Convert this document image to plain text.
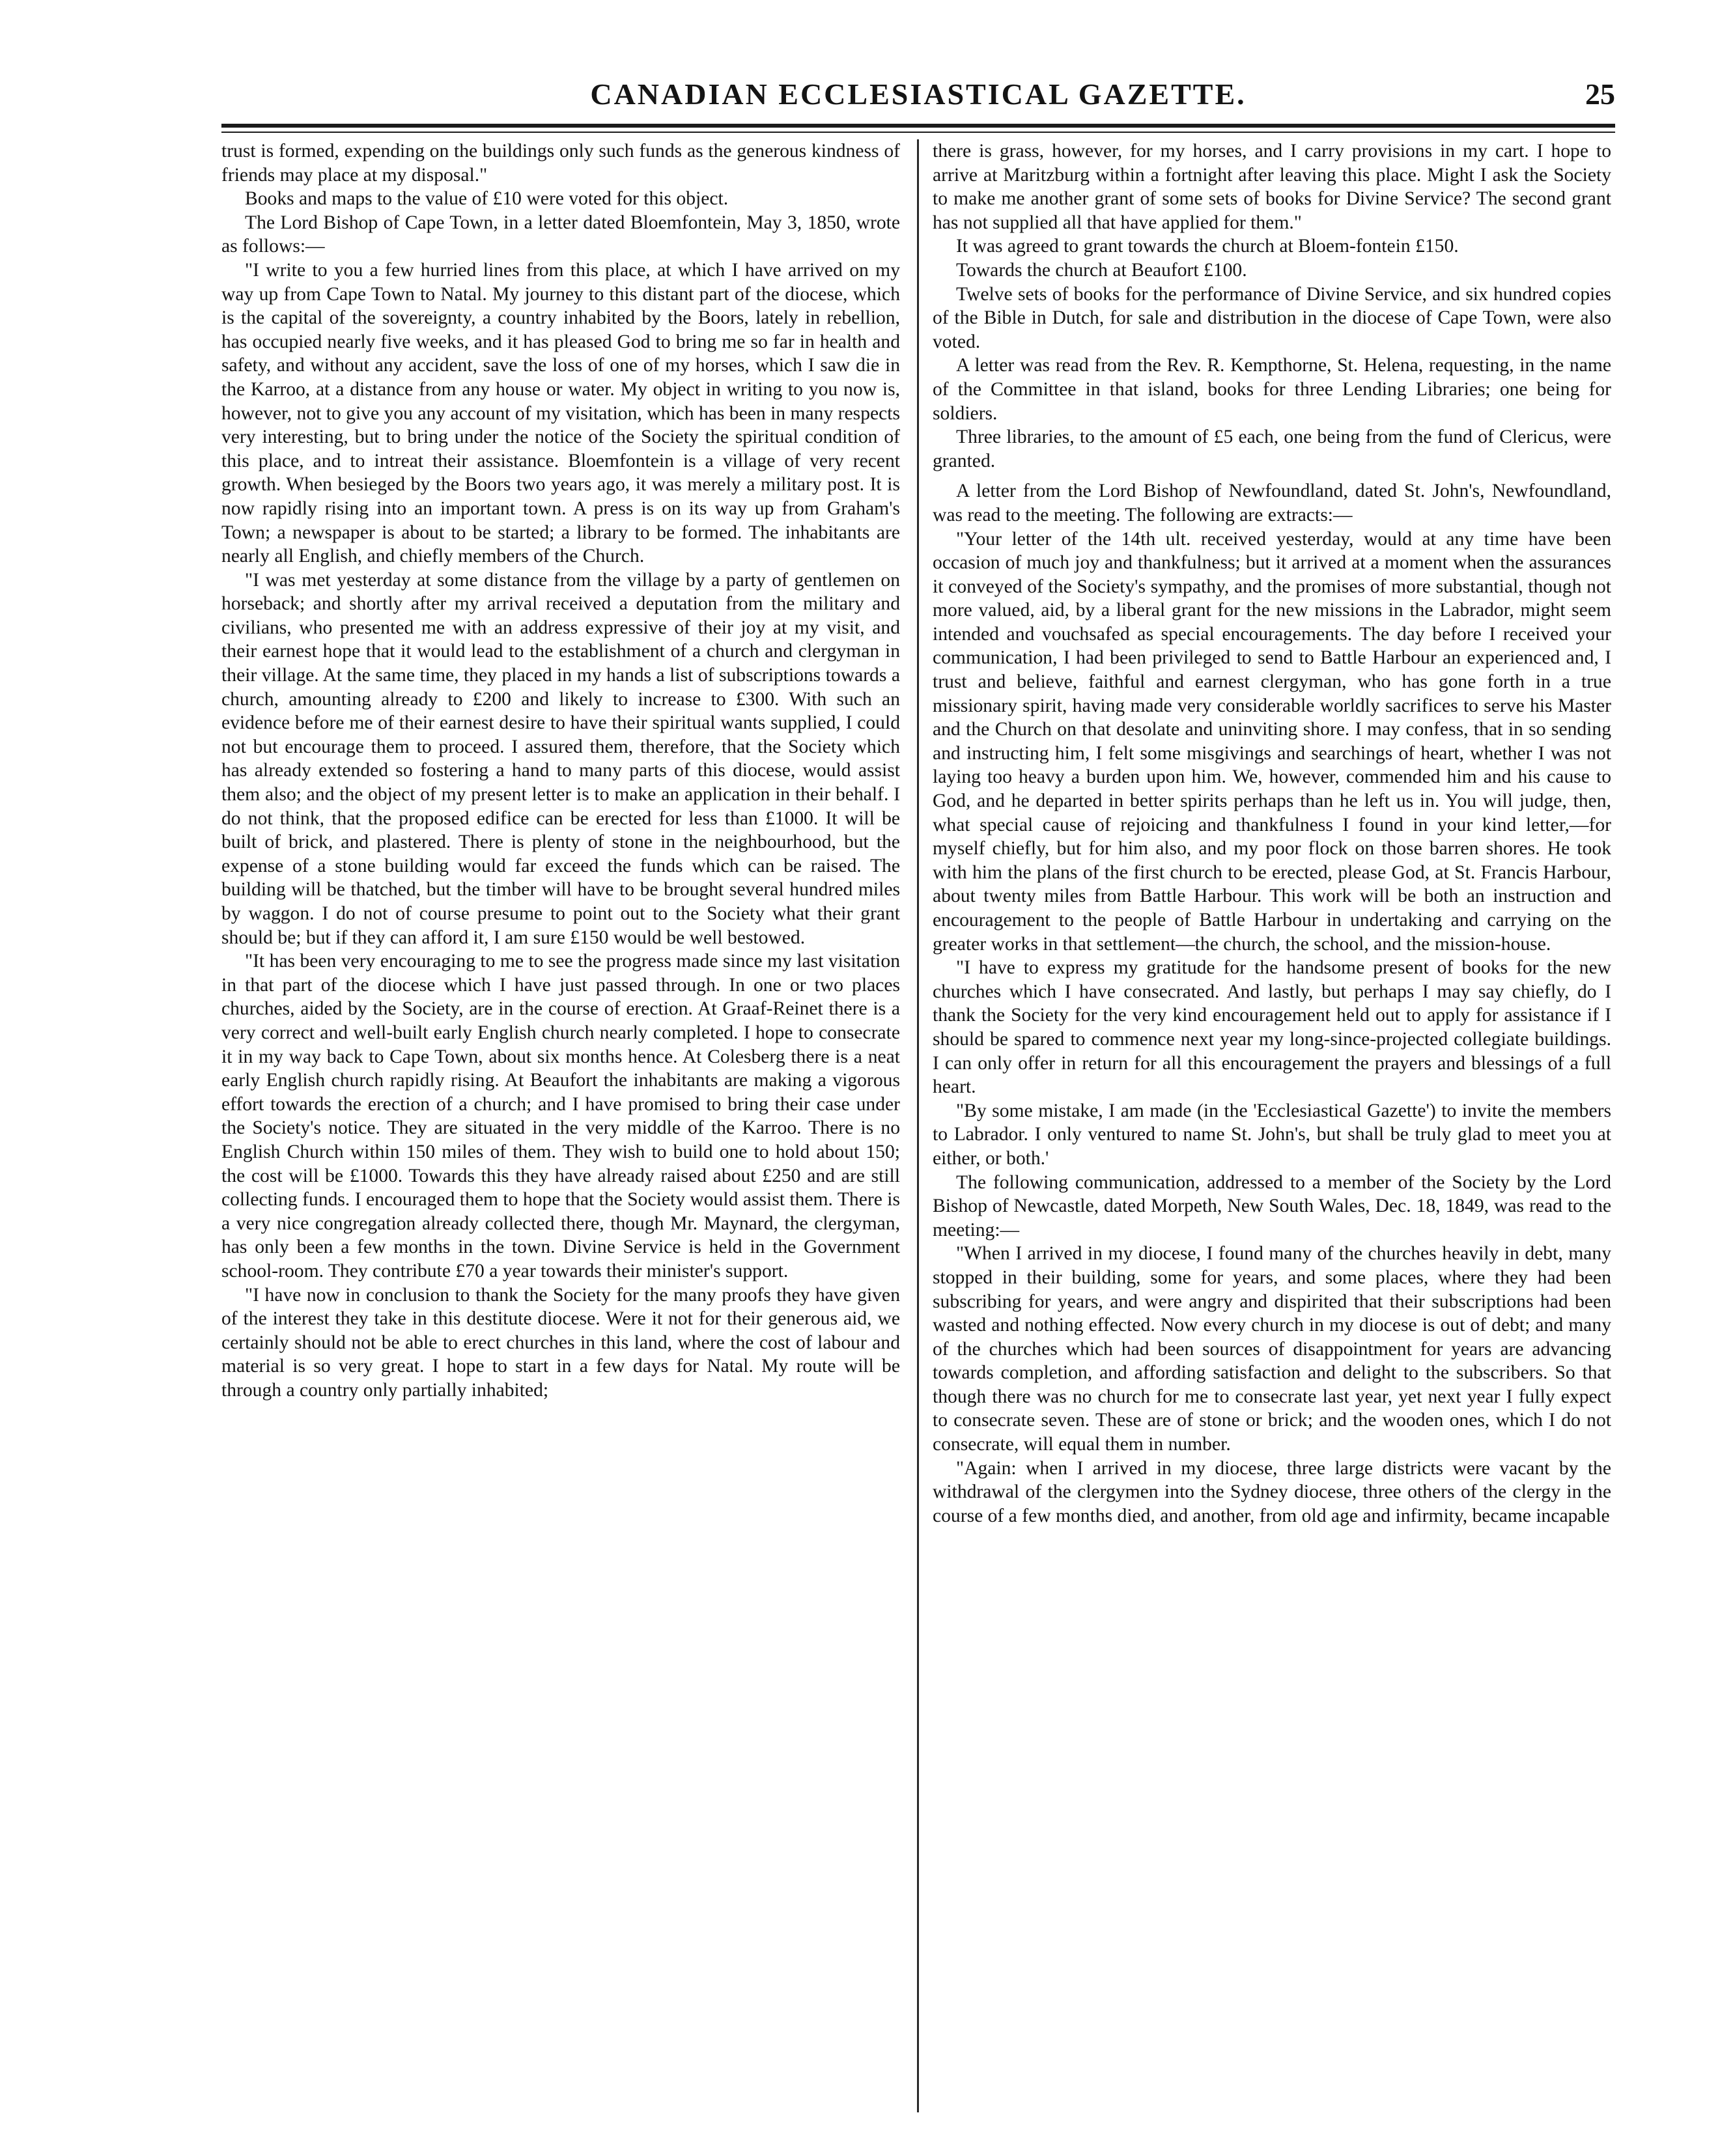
CANADIAN ECCLESIASTICAL GAZETTE.	25

trust is formed, expending on the buildings only such funds as the generous kindness of friends may place at my disposal."

Books and maps to the value of £10 were voted for this object.

The Lord Bishop of Cape Town, in a letter dated Bloemfontein, May 3, 1850, wrote as follows:—

"I write to you a few hurried lines from this place, at which I have arrived on my way up from Cape Town to Natal. My journey to this distant part of the diocese, which is the capital of the sovereignty, a country inhabited by the Boors, lately in rebellion, has occupied nearly five weeks, and it has pleased God to bring me so far in health and safety, and without any accident, save the loss of one of my horses, which I saw die in the Karroo, at a distance from any house or water. My object in writing to you now is, however, not to give you any account of my visitation, which has been in many respects very interesting, but to bring under the notice of the Society the spiritual condition of this place, and to intreat their assistance. Bloemfontein is a village of very recent growth. When besieged by the Boors two years ago, it was merely a military post. It is now rapidly rising into an important town. A press is on its way up from Graham's Town; a newspaper is about to be started; a library to be formed. The inhabitants are nearly all English, and chiefly members of the Church.

"I was met yesterday at some distance from the village by a party of gentlemen on horseback; and shortly after my arrival received a deputation from the military and civilians, who presented me with an address expressive of their joy at my visit, and their earnest hope that it would lead to the establishment of a church and clergyman in their village. At the same time, they placed in my hands a list of subscriptions towards a church, amounting already to £200 and likely to increase to £300. With such an evidence before me of their earnest desire to have their spiritual wants supplied, I could not but encourage them to proceed. I assured them, therefore, that the Society which has already extended so fostering a hand to many parts of this diocese, would assist them also; and the object of my present letter is to make an application in their behalf. I do not think, that the proposed edifice can be erected for less than £1000. It will be built of brick, and plastered. There is plenty of stone in the neighbourhood, but the expense of a stone building would far exceed the funds which can be raised. The building will be thatched, but the timber will have to be brought several hundred miles by waggon. I do not of course presume to point out to the Society what their grant should be; but if they can afford it, I am sure £150 would be well bestowed.

"It has been very encouraging to me to see the progress made since my last visitation in that part of the diocese which I have just passed through. In one or two places churches, aided by the Society, are in the course of erection. At Graaf-Reinet there is a very correct and well-built early English church nearly completed. I hope to consecrate it in my way back to Cape Town, about six months hence. At Colesberg there is a neat early English church rapidly rising. At Beaufort the inhabitants are making a vigorous effort towards the erection of a church; and I have promised to bring their case under the Society's notice. They are situated in the very middle of the Karroo. There is no English Church within 150 miles of them. They wish to build one to hold about 150; the cost will be £1000. Towards this they have already raised about £250 and are still collecting funds. I encouraged them to hope that the Society would assist them. There is a very nice congregation already collected there, though Mr. Maynard, the clergyman, has only been a few months in the town. Divine Service is held in the Government school-room. They contribute £70 a year towards their minister's support.

"I have now in conclusion to thank the Society for the many proofs they have given of the interest they take in this destitute diocese. Were it not for their generous aid, we certainly should not be able to erect churches in this land, where the cost of labour and material is so very great. I hope to start in a few days for Natal. My route will be through a country only partially inhabited;

there is grass, however, for my horses, and I carry provisions in my cart. I hope to arrive at Maritzburg within a fortnight after leaving this place. Might I ask the Society to make me another grant of some sets of books for Divine Service? The second grant has not supplied all that have applied for them."

It was agreed to grant towards the church at Bloem-fontein £150.

Towards the church at Beaufort £100.

Twelve sets of books for the performance of Divine Service, and six hundred copies of the Bible in Dutch, for sale and distribution in the diocese of Cape Town, were also voted.

A letter was read from the Rev. R. Kempthorne, St. Helena, requesting, in the name of the Committee in that island, books for three Lending Libraries; one being for soldiers.

Three libraries, to the amount of £5 each, one being from the fund of Clericus, were granted.

A letter from the Lord Bishop of Newfoundland, dated St. John's, Newfoundland, was read to the meeting. The following are extracts:—

"Your letter of the 14th ult. received yesterday, would at any time have been occasion of much joy and thankfulness; but it arrived at a moment when the assurances it conveyed of the Society's sympathy, and the promises of more substantial, though not more valued, aid, by a liberal grant for the new missions in the Labrador, might seem intended and vouchsafed as special encouragements. The day before I received your communication, I had been privileged to send to Battle Harbour an experienced and, I trust and believe, faithful and earnest clergyman, who has gone forth in a true missionary spirit, having made very considerable worldly sacrifices to serve his Master and the Church on that desolate and uninviting shore. I may confess, that in so sending and instructing him, I felt some misgivings and searchings of heart, whether I was not laying too heavy a burden upon him. We, however, commended him and his cause to God, and he departed in better spirits perhaps than he left us in. You will judge, then, what special cause of rejoicing and thankfulness I found in your kind letter,—for myself chiefly, but for him also, and my poor flock on those barren shores. He took with him the plans of the first church to be erected, please God, at St. Francis Harbour, about twenty miles from Battle Harbour. This work will be both an instruction and encouragement to the people of Battle Harbour in undertaking and carrying on the greater works in that settlement—the church, the school, and the mission-house.

"I have to express my gratitude for the handsome present of books for the new churches which I have consecrated. And lastly, but perhaps I may say chiefly, do I thank the Society for the very kind encouragement held out to apply for assistance if I should be spared to commence next year my long-since-projected collegiate buildings. I can only offer in return for all this encouragement the prayers and blessings of a full heart.

"By some mistake, I am made (in the 'Ecclesiastical Gazette') to invite the members to Labrador. I only ventured to name St. John's, but shall be truly glad to meet you at either, or both.'

The following communication, addressed to a member of the Society by the Lord Bishop of Newcastle, dated Morpeth, New South Wales, Dec. 18, 1849, was read to the meeting:—

"When I arrived in my diocese, I found many of the churches heavily in debt, many stopped in their building, some for years, and some places, where they had been subscribing for years, and were angry and dispirited that their subscriptions had been wasted and nothing effected. Now every church in my diocese is out of debt; and many of the churches which had been sources of disappointment for years are advancing towards completion, and affording satisfaction and delight to the subscribers. So that though there was no church for me to consecrate last year, yet next year I fully expect to consecrate seven. These are of stone or brick; and the wooden ones, which I do not consecrate, will equal them in number.

"Again: when I arrived in my diocese, three large districts were vacant by the withdrawal of the clergymen into the Sydney diocese, three others of the clergy in the course of a few months died, and another, from old age and infirmity, became incapable
